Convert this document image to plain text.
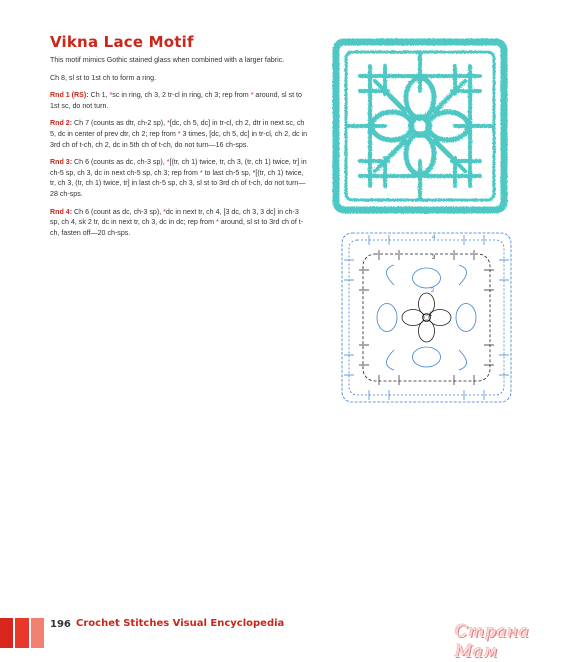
Vikna Lace Motif

This motif mimics Gothic stained glass when combined with a larger fabric.

Ch 8, sl st to 1st ch to form a ring.

Rnd 1 (RS): Ch 1, *sc in ring, ch 3, 2 tr-cl in ring, ch 3; rep from * around, sl st to 1st sc, do not turn.

Rnd 2: Ch 7 (counts as dtr, ch-2 sp), *[dc, ch 5, dc] in tr-cl, ch 2, dtr in next sc, ch 5, dc in center of prev dtr, ch 2; rep from * 3 times, [dc, ch 5, dc] in tr-cl, ch 2, dc in 3rd ch of t-ch, ch 2, dc in 5th ch of t-ch, do not turn—16 ch-sps.

Rnd 3: Ch 6 (counts as dc, ch-3 sp), *[(tr, ch 1) twice, tr, ch 3, (tr, ch 1) twice, tr] in ch-5 sp, ch 3, dc in next ch-5 sp, ch 3; rep from * to last ch-5 sp, *[(tr, ch 1) twice, tr, ch 3, (tr, ch 1) twice, tr] in last ch-5 sp, ch 3, sl st to 3rd ch of t-ch, do not turn—28 ch-sps.

Rnd 4: Ch 6 (count as dc, ch-3 sp), *dc in next tr, ch 4, [3 dc, ch 3, 3 dc] in ch-3 sp, ch 4, sk 2 tr, dc in next tr, ch 3, dc in dc; rep from * around, sl st to 3rd ch of t-ch, fasten off—20 ch-sps.

1
2
3
4
196 Crochet Stitches Visual Encyclopedia	Страна Мам
